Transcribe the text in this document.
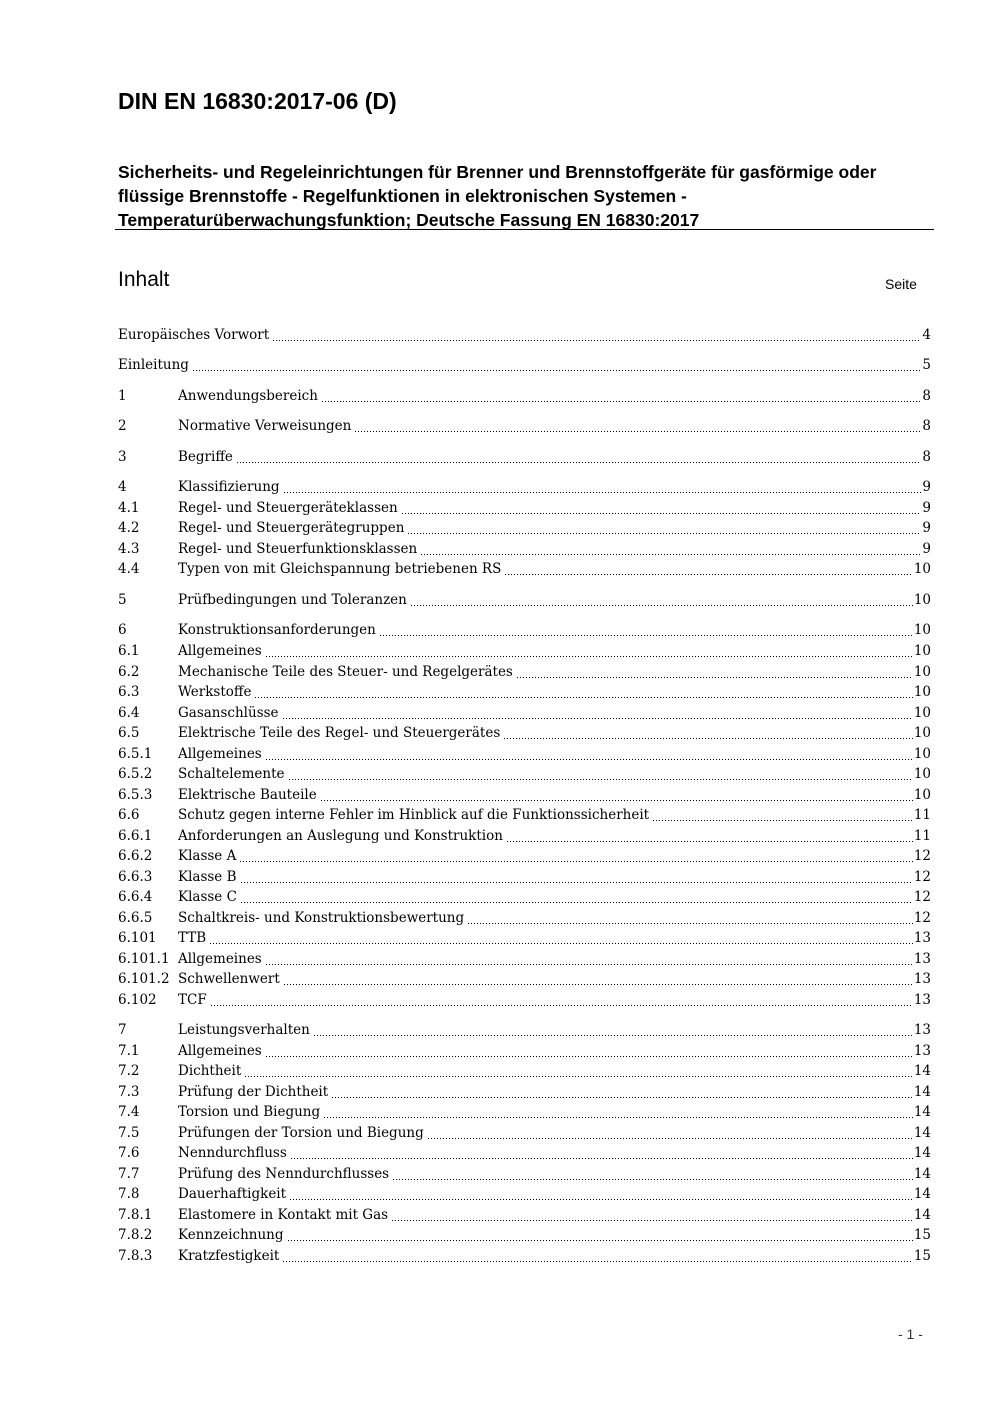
DIN EN 16830:2017-06 (D)
Sicherheits- und Regeleinrichtungen für Brenner und Brennstoffgeräte für gasförmige oder flüssige Brennstoffe - Regelfunktionen in elektronischen Systemen - Temperaturüberwachungsfunktion; Deutsche Fassung EN 16830:2017
Inhalt	Seite
Europäisches Vorwort	4
Einleitung	5
1	Anwendungsbereich	8
2	Normative Verweisungen	8
3	Begriffe	8
4	Klassifizierung	9
4.1	Regel- und Steuergeräteklassen	9
4.2	Regel- und Steuergerätegruppen	9
4.3	Regel- und Steuerfunktionsklassen	9
4.4	Typen von mit Gleichspannung betriebenen RS	10
5	Prüfbedingungen und Toleranzen	10
6	Konstruktionsanforderungen	10
6.1	Allgemeines	10
6.2	Mechanische Teile des Steuer- und Regelgerätes	10
6.3	Werkstoffe	10
6.4	Gasanschlüsse	10
6.5	Elektrische Teile des Regel- und Steuergerätes	10
6.5.1	Allgemeines	10
6.5.2	Schaltelemente	10
6.5.3	Elektrische Bauteile	10
6.6	Schutz gegen interne Fehler im Hinblick auf die Funktionssicherheit	11
6.6.1	Anforderungen an Auslegung und Konstruktion	11
6.6.2	Klasse A	12
6.6.3	Klasse B	12
6.6.4	Klasse C	12
6.6.5	Schaltkreis- und Konstruktionsbewertung	12
6.101	TTB	13
6.101.1 Allgemeines	13
6.101.2 Schwellenwert	13
6.102	TCF	13
7	Leistungsverhalten	13
7.1	Allgemeines	13
7.2	Dichtheit	14
7.3	Prüfung der Dichtheit	14
7.4	Torsion und Biegung	14
7.5	Prüfungen der Torsion und Biegung	14
7.6	Nenndurchfluss	14
7.7	Prüfung des Nenndurchflusses	14
7.8	Dauerhaftigkeit	14
7.8.1	Elastomere in Kontakt mit Gas	14
7.8.2	Kennzeichnung	15
7.8.3	Kratzfestigkeit	15
- 1 -
